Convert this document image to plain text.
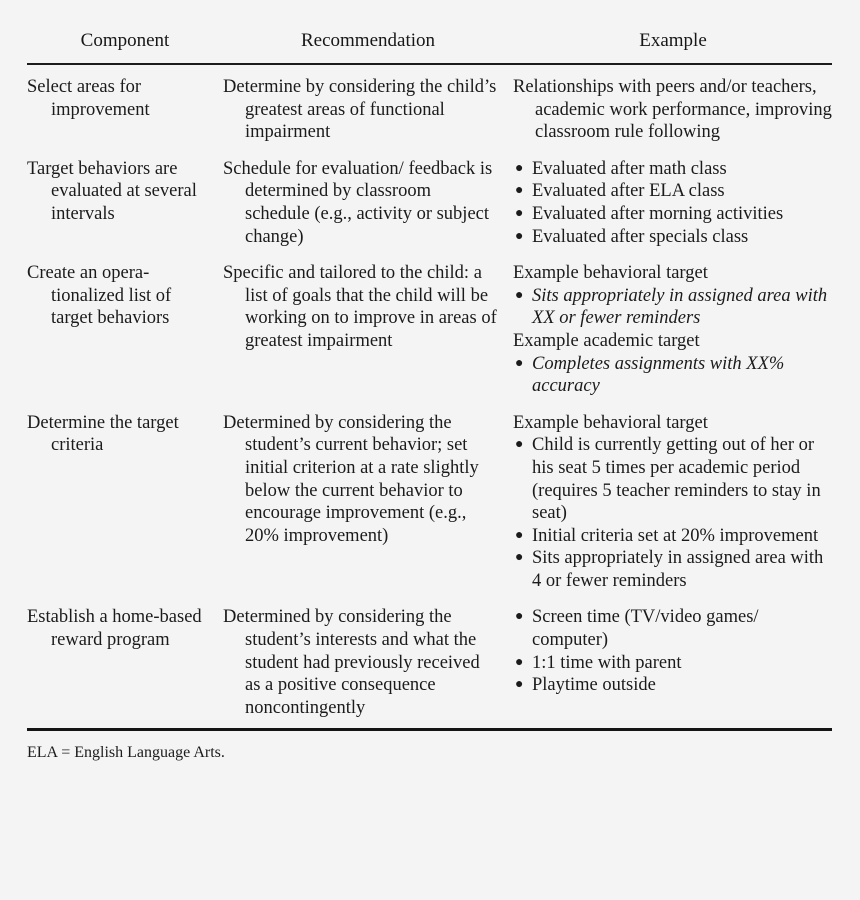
Component	Recommendation	Example
Select areas for improvement
Determine by considering the child’s greatest areas of functional impairment
Relationships with peers and/or teachers, academic work performance, improving classroom rule following
Target behaviors are evaluated at several intervals
Schedule for evaluation/ feedback is determined by classroom schedule (e.g., activity or subject change)
● Evaluated after math class
● Evaluated after ELA class
● Evaluated after morning activities
● Evaluated after specials class
Create an opera- tionalized list of target behaviors
Specific and tailored to the child: a list of goals that the child will be working on to improve in areas of greatest impairment
Example behavioral target
● Sits appropriately in assigned area with XX or fewer reminders
Example academic target
● Completes assignments with XX% accuracy
Determine the target criteria
Determined by considering the student’s current behavior; set initial criterion at a rate slightly below the current behavior to encourage improvement (e.g., 20% improvement)
Example behavioral target
● Child is currently getting out of her or his seat 5 times per academic period (requires 5 teacher reminders to stay in seat)
● Initial criteria set at 20% improvement
● Sits appropriately in assigned area with 4 or fewer reminders
Establish a home-based reward program
Determined by considering the student’s interests and what the student had previously received as a positive consequence noncontingently
● Screen time (TV/video games/ computer)
● 1:1 time with parent
● Playtime outside
ELA = English Language Arts.
